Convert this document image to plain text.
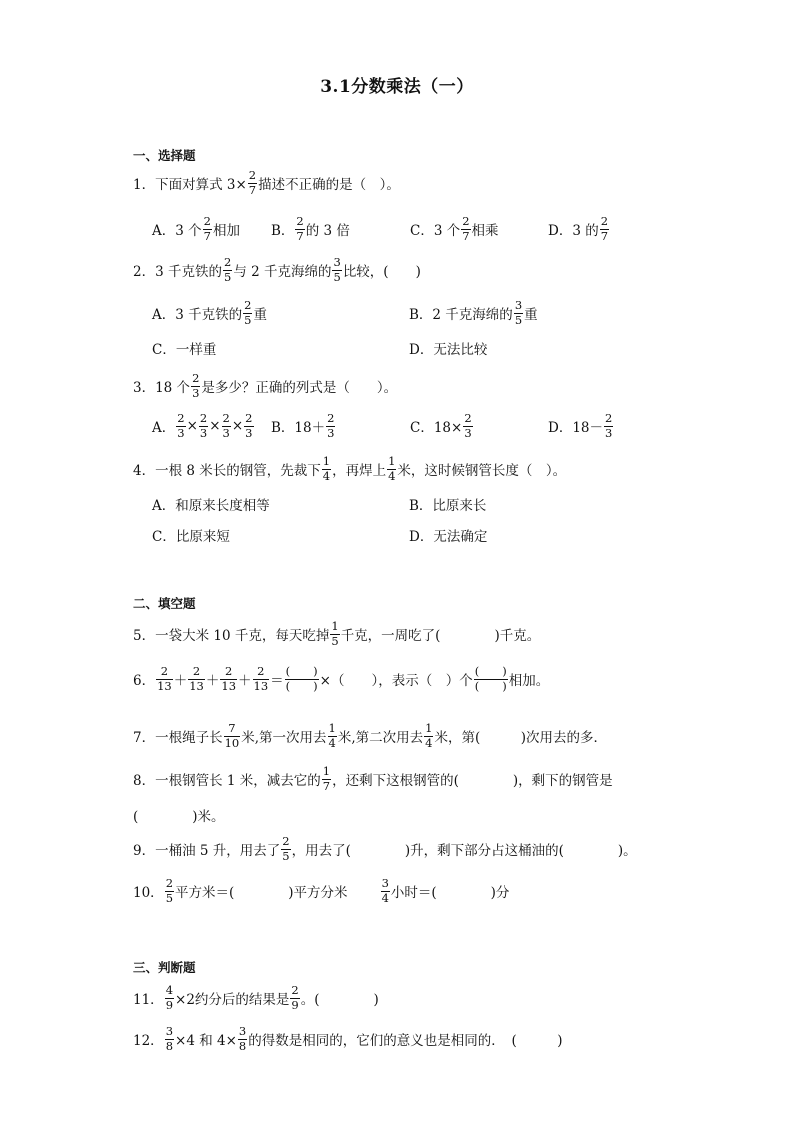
3.1分数乘法（一）
一、选择题
1．下面对算式 $3\times \frac{2}{7}$ 描述不正确的是（　）。
A．3 个 $\frac{2}{7}$ 相加 B． $\frac{2}{7}$ 的 3 倍	C．3 个 $\frac{2}{7}$ 相乘	D．3 的 $\frac{2}{7}$
2．3 千克铁的 $\frac{2}{5}$ 与 2 千克海绵的 $\frac{3}{5}$ 比较，(　　)
A．3 千克铁的 $\frac{2}{5}$ 重	B．2 千克海绵的 $\frac{3}{5}$ 重
C．一样重	D．无法比较
3．18 个 $\frac{2}{3}$ 是多少？正确的列式是（　　）。
A． $\frac{2}{3} \times \frac{2}{3} \times \frac{2}{3} \times \frac{2}{3}$ B．$18+ \frac{2}{3}$	C．$18\times \frac{2}{3}$	D．$18- \frac{2}{3}$
4．一根 8 米长的钢管，先裁下 $\frac{1}{4}$ ，再焊上 $\frac{1}{4}$ 米，这时候钢管长度（　）。
A．和原来长度相等	B．比原来长
C．比原来短	D．无法确定
二、填空题
5．一袋大米 10 千克，每天吃掉 $\frac{1}{5}$ 千克，一周吃了(　　　　)千克。
6． $\frac{2}{13} + \frac{2}{13} + \frac{2}{13} + \frac{2}{13} = \frac{( )}{( )}$ ×（　　），表示（　）个 $\frac{( )}{( )}$ 相加。
7．一根绳子长 $\frac{7}{10}$ 米,第一次用去 $\frac{1}{4}$ 米,第二次用去 $\frac{1}{4}$ 米，第(　　　)次用去的多．
8．一根钢管长 1 米，减去它的 $\frac{1}{7}$ ，还剩下这根钢管的(　　　　)，剩下的钢管是
(　　　　)米。
9．一桶油 5 升，用去了 $\frac{2}{5}$ ，用去了(　　　　)升，剩下部分占这桶油的(　　　　)。
10． $\frac{2}{5}$ 平方米＝(　　　　)平方分米	$\frac{3}{4}$ 小时＝(　　　　)分
三、判断题
11． $\frac{4}{9} \times 2$约分后的结果是 $\frac{2}{9}$ 。(　　　　)
12． $\frac{3}{8} \times 4$ 和 $4\times \frac{3}{8}$ 的得数是相同的，它们的意义也是相同的．　(　　　)
